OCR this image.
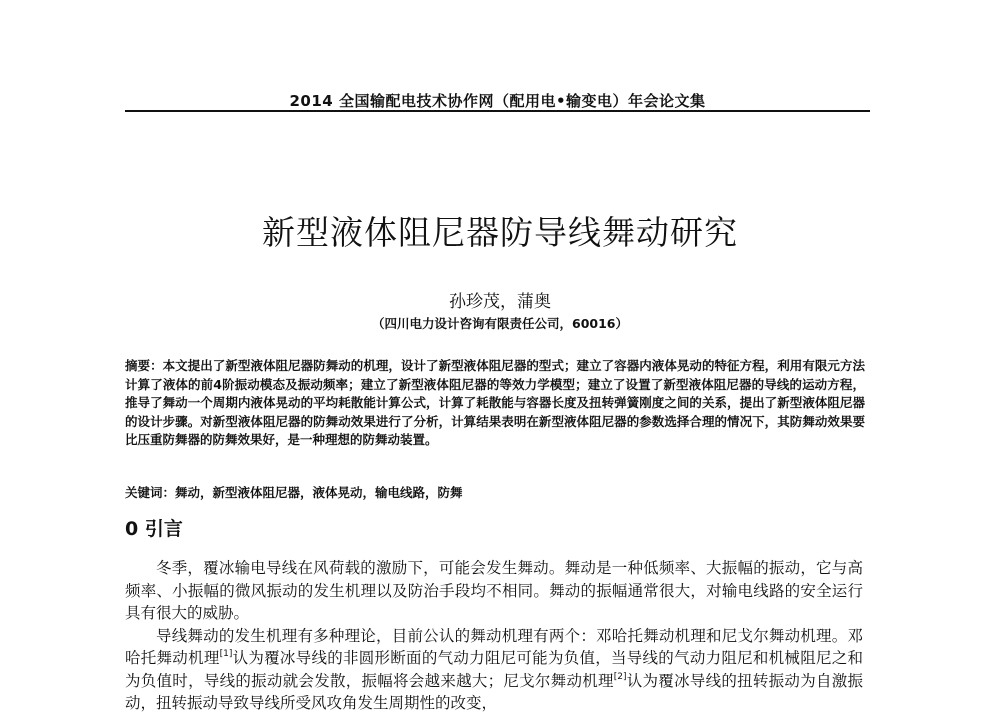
2014 全国输配电技术协作网（配用电•输变电）年会论文集
新型液体阻尼器防导线舞动研究
孙珍茂，蒲奥
（四川电力设计咨询有限责任公司，60016）
摘要：本文提出了新型液体阻尼器防舞动的机理，设计了新型液体阻尼器的型式；建立了容器内液体晃动的特征方程，利用有限元方法计算了液体的前4阶振动模态及振动频率；建立了新型液体阻尼器的等效力学模型；建立了设置了新型液体阻尼器的导线的运动方程，推导了舞动一个周期内液体晃动的平均耗散能计算公式，计算了耗散能与容器长度及扭转弹簧刚度之间的关系，提出了新型液体阻尼器的设计步骤。对新型液体阻尼器的防舞动效果进行了分析，计算结果表明在新型液体阻尼器的参数选择合理的情况下，其防舞动效果要比压重防舞器的防舞效果好，是一种理想的防舞动装置。
关键词：舞动，新型液体阻尼器，液体晃动，输电线路，防舞
0 引言

冬季，覆冰输电导线在风荷载的激励下，可能会发生舞动。舞动是一种低频率、大振幅的振动，它与高频率、小振幅的微风振动的发生机理以及防治手段均不相同。舞动的振幅通常很大，对输电线路的安全运行具有很大的威胁。

导线舞动的发生机理有多种理论，目前公认的舞动机理有两个：邓哈托舞动机理和尼戈尔舞动机理。邓哈托舞动机理[1]认为覆冰导线的非圆形断面的气动力阻尼可能为负值，当导线的气动力阻尼和机械阻尼之和为负值时，导线的振动就会发散，振幅将会越来越大；尼戈尔舞动机理[2]认为覆冰导线的扭转振动为自激振动，扭转振动导致导线所受风攻角发生周期性的改变，
